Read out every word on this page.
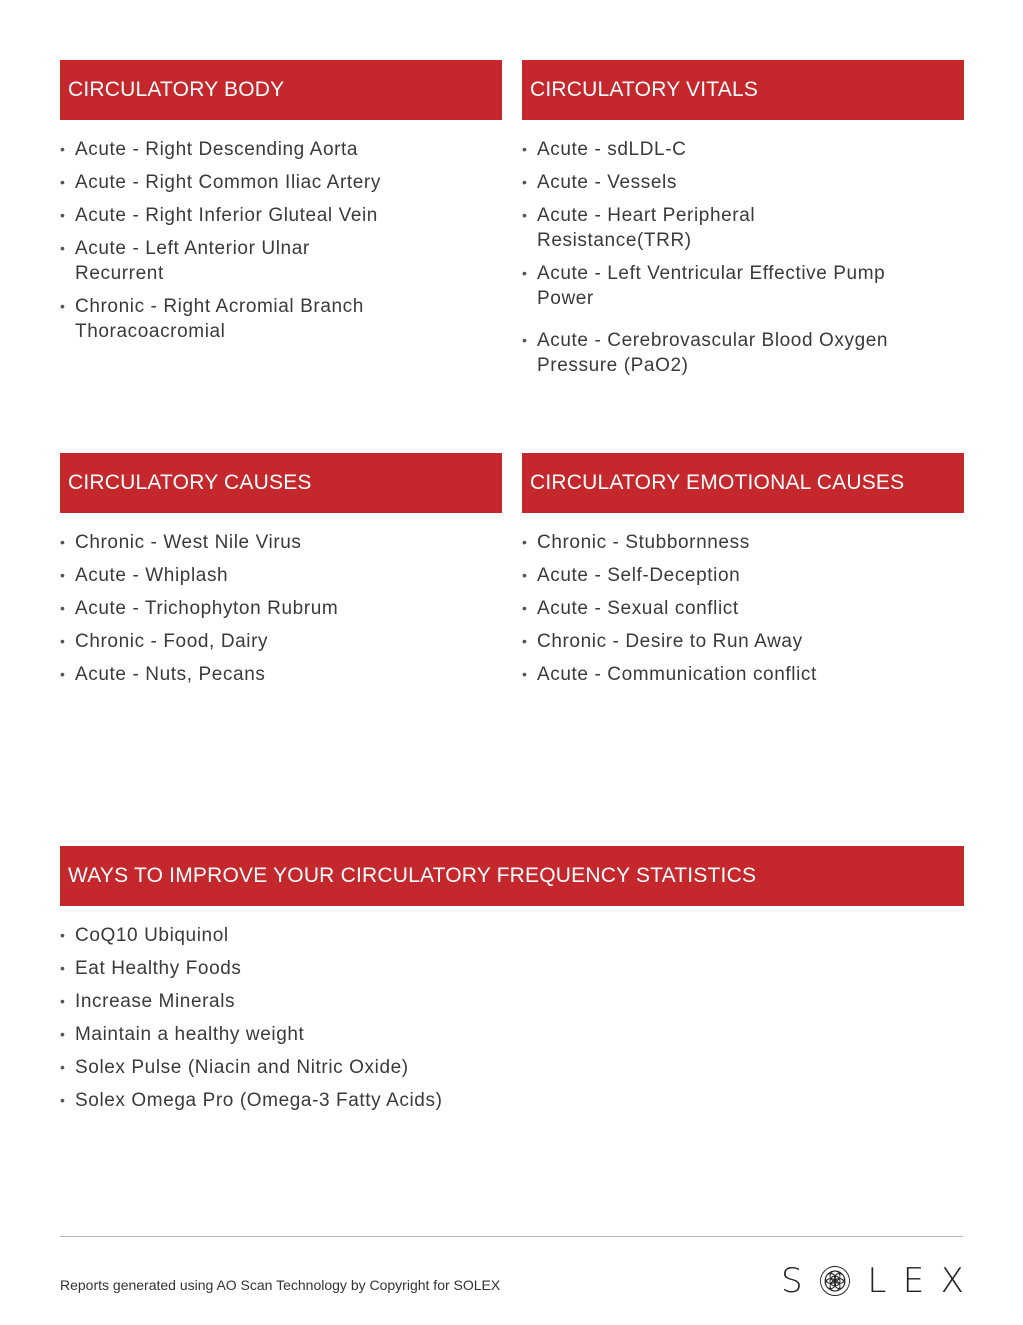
CIRCULATORY BODY
• Acute - Right Descending Aorta
• Acute - Right Common Iliac Artery
• Acute - Right Inferior Gluteal Vein
• Acute - Left Anterior Ulnar Recurrent
• Chronic - Right Acromial Branch Thoracoacromial
CIRCULATORY VITALS
• Acute - sdLDL-C
• Acute - Vessels
• Acute - Heart Peripheral Resistance(TRR)
• Acute - Left Ventricular Effective Pump Power
• Acute - Cerebrovascular Blood Oxygen Pressure (PaO2)
CIRCULATORY CAUSES
• Chronic - West Nile Virus
• Acute - Whiplash
• Acute - Trichophyton Rubrum
• Chronic - Food, Dairy
• Acute - Nuts, Pecans
CIRCULATORY EMOTIONAL CAUSES
• Chronic - Stubbornness
• Acute - Self-Deception
• Acute - Sexual conflict
• Chronic - Desire to Run Away
• Acute - Communication conflict
WAYS TO IMPROVE YOUR CIRCULATORY FREQUENCY STATISTICS
• CoQ10 Ubiquinol
• Eat Healthy Foods
• Increase Minerals
• Maintain a healthy weight
• Solex Pulse (Niacin and Nitric Oxide)
• Solex Omega Pro (Omega-3 Fatty Acids)
Reports generated using AO Scan Technology by Copyright for SOLEX	S L E X
